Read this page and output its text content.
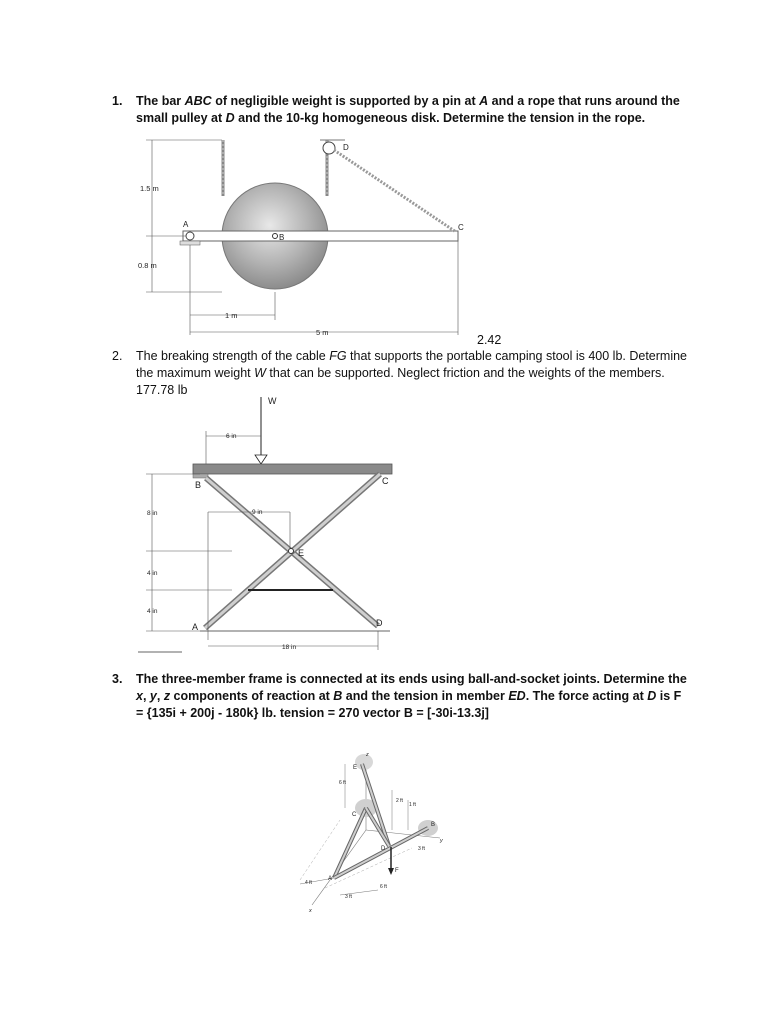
1. The bar ABC of negligible weight is supported by a pin at A and a rope that runs around the small pulley at D and the 10-kg homogeneous disk. Determine the tension in the rope.
1.5 m
0.8 m
1 m
5 m
A
B
C
D
2.42
2. The breaking strength of the cable FG that supports the portable camping stool is 400 lb. Determine the maximum weight W that can be supported. Neglect friction and the weights of the members. 177.78 lb
W
6 in
8 in
4 in
4 in
9 in
18 in
B	C
E
A	D
3. The three-member frame is connected at its ends using ball-and-socket joints. Determine the x, y, z components of reaction at B and the tension in member ED. The force acting at D is F = {135i + 200j - 180k} lb. tension = 270 vector B = [-30i-13.3j]
z
E
C
B
D
A
F
x
y
6 ft
2 ft
1 ft
3 ft
4 ft
3 ft
6 ft
